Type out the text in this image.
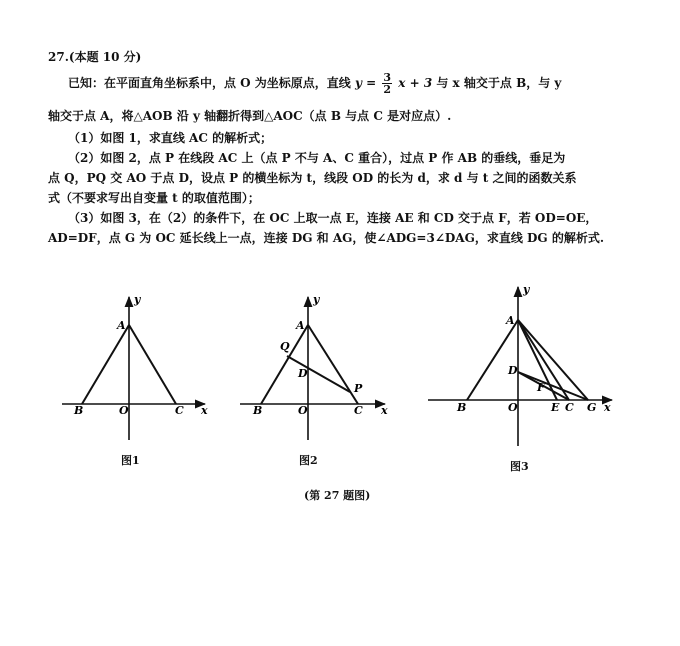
27.(本题 10 分)
已知：在平面直角坐标系中，点 O 为坐标原点，直线 $y = \frac{3}{2}$ x + 3 与 x 轴交于点 B，与 y
轴交于点 A，将△AOB 沿 y 轴翻折得到△AOC（点 B 与点 C 是对应点）.
（1）如图 1，求直线 AC 的解析式；
（2）如图 2，点 P 在线段 AC 上（点 P 不与 A、C 重合），过点 P 作 AB 的垂线，垂足为
点 Q，PQ 交 AO 于点 D，设点 P 的横坐标为 t，线段 OD 的长为 d，求 d 与 t 之间的函数关系
式（不要求写出自变量 t 的取值范围）；
（3）如图 3，在（2）的条件下，在 OC 上取一点 E，连接 AE 和 CD 交于点 F，若 OD=OE，
AD=DF，点 G 为 OC 延长线上一点，连接 DG 和 AG，使∠ADG=3∠DAG，求直线 DG 的解析式.
y
A
B	O	C x
y
A
Q
D
P
B	O	C x
y
A
D
F
B	O	E C G x
图1	图2	图3
(第 27 题图)
